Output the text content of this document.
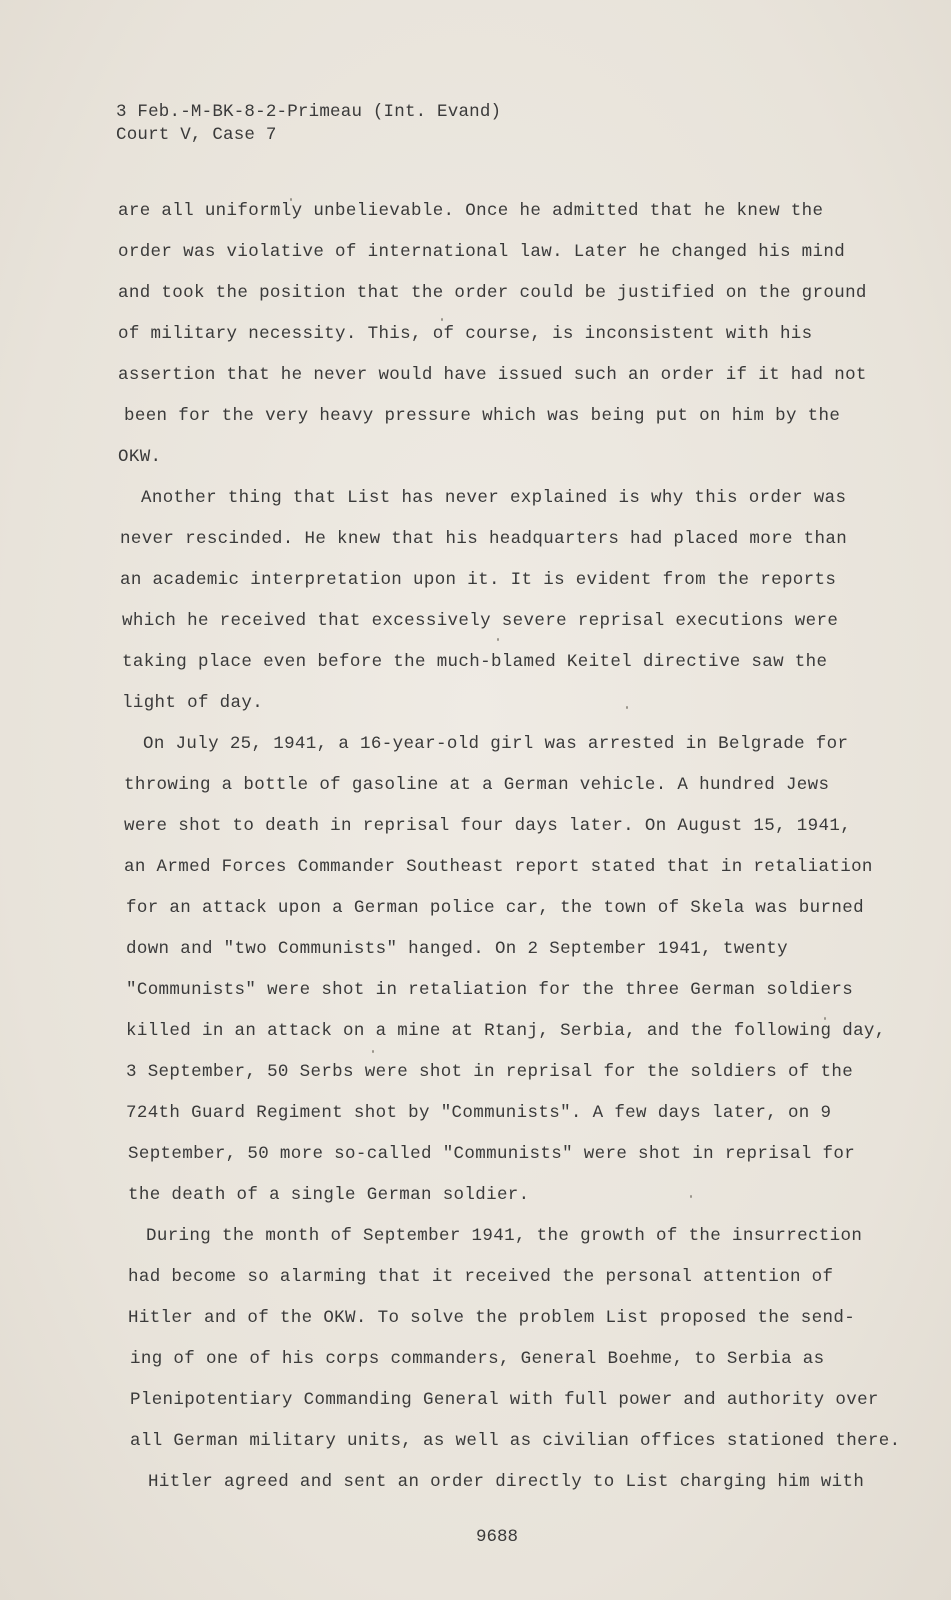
3 Feb.-M-BK-8-2-Primeau (Int. Evand)
Court V, Case 7
are all uniformly unbelievable. Once he admitted that he knew the
order was violative of international law. Later he changed his mind
and took the position that the order could be justified on the ground
of military necessity. This, of course, is inconsistent with his
assertion that he never would have issued such an order if it had not
been for the very heavy pressure which was being put on him by the
OKW.
Another thing that List has never explained is why this order was
never rescinded. He knew that his headquarters had placed more than
an academic interpretation upon it. It is evident from the reports
which he received that excessively severe reprisal executions were
taking place even before the much-blamed Keitel directive saw the
light of day.
On July 25, 1941, a 16-year-old girl was arrested in Belgrade for
throwing a bottle of gasoline at a German vehicle. A hundred Jews
were shot to death in reprisal four days later. On August 15, 1941,
an Armed Forces Commander Southeast report stated that in retaliation
for an attack upon a German police car, the town of Skela was burned
down and "two Communists" hanged. On 2 September 1941, twenty
"Communists" were shot in retaliation for the three German soldiers
killed in an attack on a mine at Rtanj, Serbia, and the following day,
3 September, 50 Serbs were shot in reprisal for the soldiers of the
724th Guard Regiment shot by "Communists". A few days later, on 9
September, 50 more so-called "Communists" were shot in reprisal for
the death of a single German soldier.
During the month of September 1941, the growth of the insurrection
had become so alarming that it received the personal attention of
Hitler and of the OKW. To solve the problem List proposed the send-
ing of one of his corps commanders, General Boehme, to Serbia as
Plenipotentiary Commanding General with full power and authority over
all German military units, as well as civilian offices stationed there.
Hitler agreed and sent an order directly to List charging him with
9688
